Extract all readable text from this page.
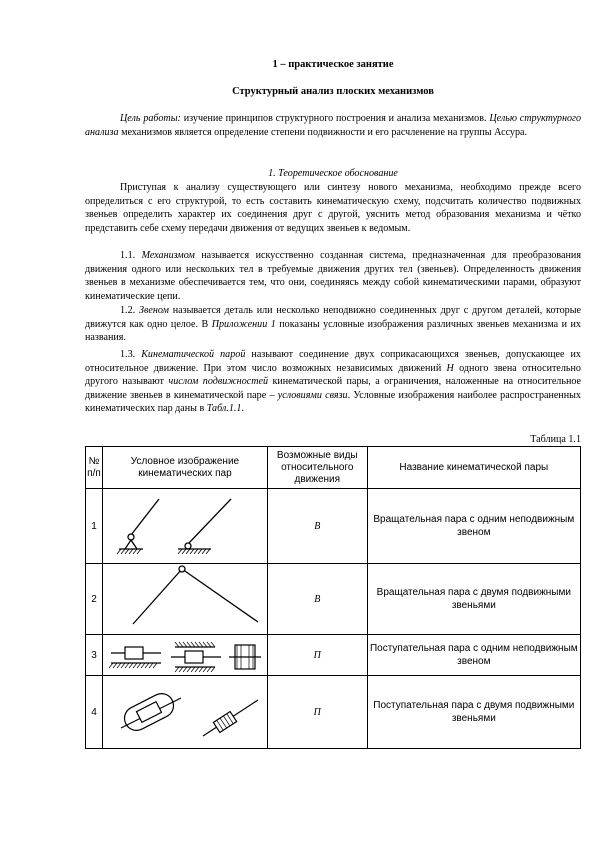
1 – практическое занятие
Структурный анализ плоских механизмов
Цель работы: изучение принципов структурного построения и анализа механизмов. Целью структурного анализа механизмов является определение степени подвижности и его расчленение на группы Ассура.
1. Теоретическое обоснование
Приступая к анализу существующего или синтезу нового механизма, необходимо прежде всего определиться с его структурой, то есть составить кинематическую схему, подсчитать количество подвижных звеньев определить характер их соединения друг с другой, уяснить метод образования механизма и чётко представить себе схему передачи движения от ведущих звеньев к ведомым.
1.1. Механизмом называется искусственно созданная система, предназначенная для преобразования движения одного или нескольких тел в требуемые движения других тел (звеньев). Определенность движения звеньев в механизме обеспечивается тем, что они, соединяясь между собой кинематическими парами, образуют кинематические цепи.
1.2. Звеном называется деталь или несколько неподвижно соединенных друг с другом деталей, которые движутся как одно целое. В Приложении 1 показаны условные изображения различных звеньев механизма и их названия.
1.3. Кинематической парой называют соединение двух соприкасающихся звеньев, допускающее их относительное движение. При этом число возможных независимых движений H одного звена относительно другого называют числом подвижностей кинематической пары, а ограничения, наложенные на относительное движение звеньев в кинематической паре – условиями связи. Условные изображения наиболее распространенных кинематических пар даны в Табл.1.1.
Таблица 1.1
№ п/п	Условное изображение кинематических пар	Возможные виды относительного движения	Название кинематической пары
1		В	Вращательная пара с одним неподвижным звеном
2		В	Вращательная пара с двумя подвижными звеньями
3		П	Поступательная пара с одним неподвижным звеном
4		П	Поступательная пара с двумя подвижными звеньями
